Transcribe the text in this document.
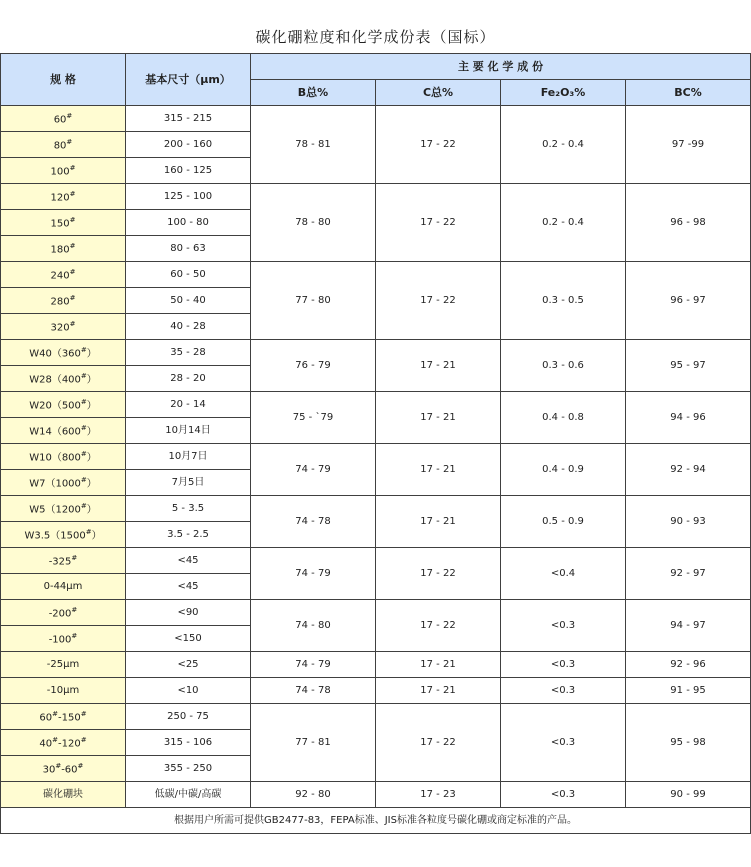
碳化硼粒度和化学成份表（国标）
规 格	基本尺寸（μm）	主 要 化 学 成 份			
		B总%	C总%	Fe₂O₃%	BC%
60#	315 - 215	78 - 81	17 - 22	0.2 - 0.4	97 -99
80#	200 - 160				
100#	160 - 125				
120#	125 - 100	78 - 80	17 - 22	0.2 - 0.4	96 - 98
150#	100 - 80				
180#	80 - 63				
240#	60 - 50	77 - 80	17 - 22	0.3 - 0.5	96 - 97
280#	50 - 40				
320#	40 - 28				
W40（360#）	35 - 28	76 - 79	17 - 21	0.3 - 0.6	95 - 97
W28（400#）	28 - 20				
W20（500#）	20 - 14	75 - `79	17 - 21	0.4 - 0.8	94 - 96
W14（600#）	10月14日				
W10（800#）	10月7日	74 - 79	17 - 21	0.4 - 0.9	92 - 94
W7（1000#）	7月5日				
W5（1200#）	5 - 3.5	74 - 78	17 - 21	0.5 - 0.9	90 - 93
W3.5（1500#）	3.5 - 2.5				
-325#	<45	74 - 79	17 - 22	<0.4	92 - 97
0-44μm	<45				
-200#	<90	74 - 80	17 - 22	<0.3	94 - 97
-100#	<150				
-25μm	<25	74 - 79	17 - 21	<0.3	92 - 96
-10μm	<10	74 - 78	17 - 21	<0.3	91 - 95
60#-150#	250 - 75	77 - 81	17 - 22	<0.3	95 - 98
40#-120#	315 - 106				
30#-60#	355 - 250				
碳化硼块	低碳/中碳/高碳	92 - 80	17 - 23	<0.3	90 - 99
根据用户所需可提供GB2477-83，FEPA标准、JIS标准各粒度号碳化硼或商定标准的产品。					
